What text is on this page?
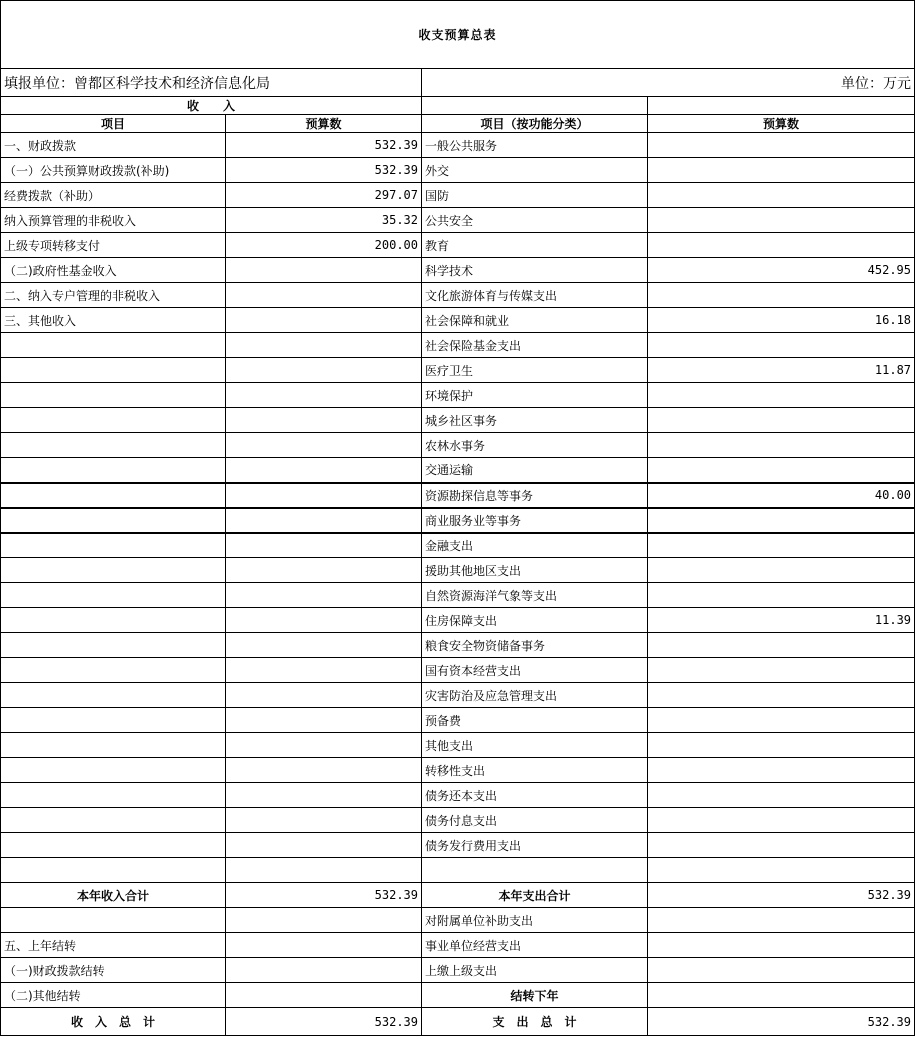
收支预算总表			
填报单位：曾都区科学技术和经济信息化局		单位：万元	
收　　入			
项目	预算数	项目（按功能分类）	预算数
一、财政拨款	532.39	一般公共服务	
（一）公共预算财政拨款(补助)	532.39	外交	
经费拨款（补助）	297.07	国防	
纳入预算管理的非税收入	35.32	公共安全	
上级专项转移支付	200.00	教育	
（二)政府性基金收入		科学技术	452.95
二、纳入专户管理的非税收入		文化旅游体育与传媒支出	
三、其他收入		社会保障和就业	16.18
		社会保险基金支出	
		医疗卫生	11.87
		环境保护	
		城乡社区事务	
		农林水事务	
		交通运输	
		资源勘探信息等事务	40.00
		商业服务业等事务	
		金融支出	
		援助其他地区支出	
		自然资源海洋气象等支出	
		住房保障支出	11.39
		粮食安全物资储备事务	
		国有资本经营支出	
		灾害防治及应急管理支出	
		预备费	
		其他支出	
		转移性支出	
		债务还本支出	
		债务付息支出	
		债务发行费用支出	

本年收入合计	532.39	本年支出合计	532.39
		对附属单位补助支出	
五、上年结转		事业单位经营支出	
（一)财政拨款结转		上缴上级支出	
（二)其他结转		结转下年	
收　入　总　计	532.39	支　出　总　计	532.39
